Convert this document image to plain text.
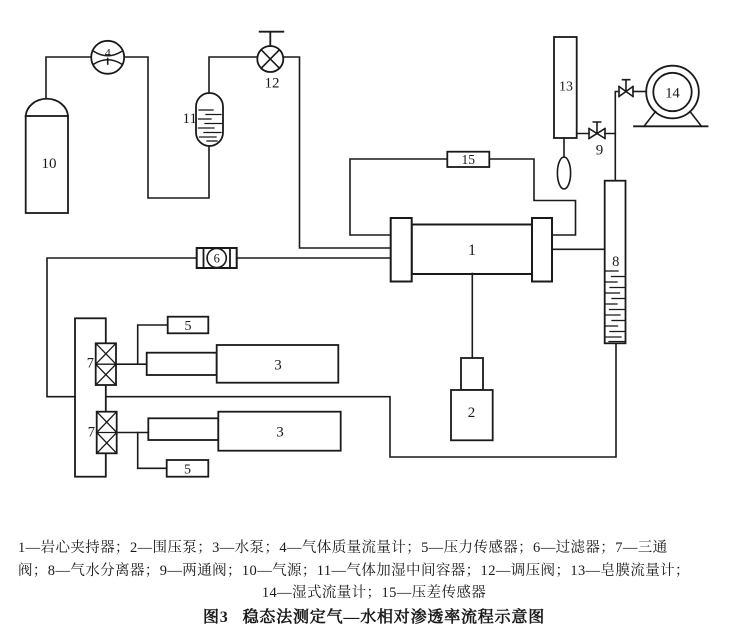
10
4
11
12
6	1
15
13
9
14
8
2
7
7
5
5
3
3
1—岩心夹持器；2—围压泵；3—水泵；4—气体质量流量计；5—压力传感器；6—过滤器；7—三通
阀；8—气水分离器；9—两通阀；10—气源；11—气体加湿中间容器；12—调压阀；13—皂膜流量计；
14—湿式流量计；15—压差传感器
图3 稳态法测定气—水相对渗透率流程示意图
